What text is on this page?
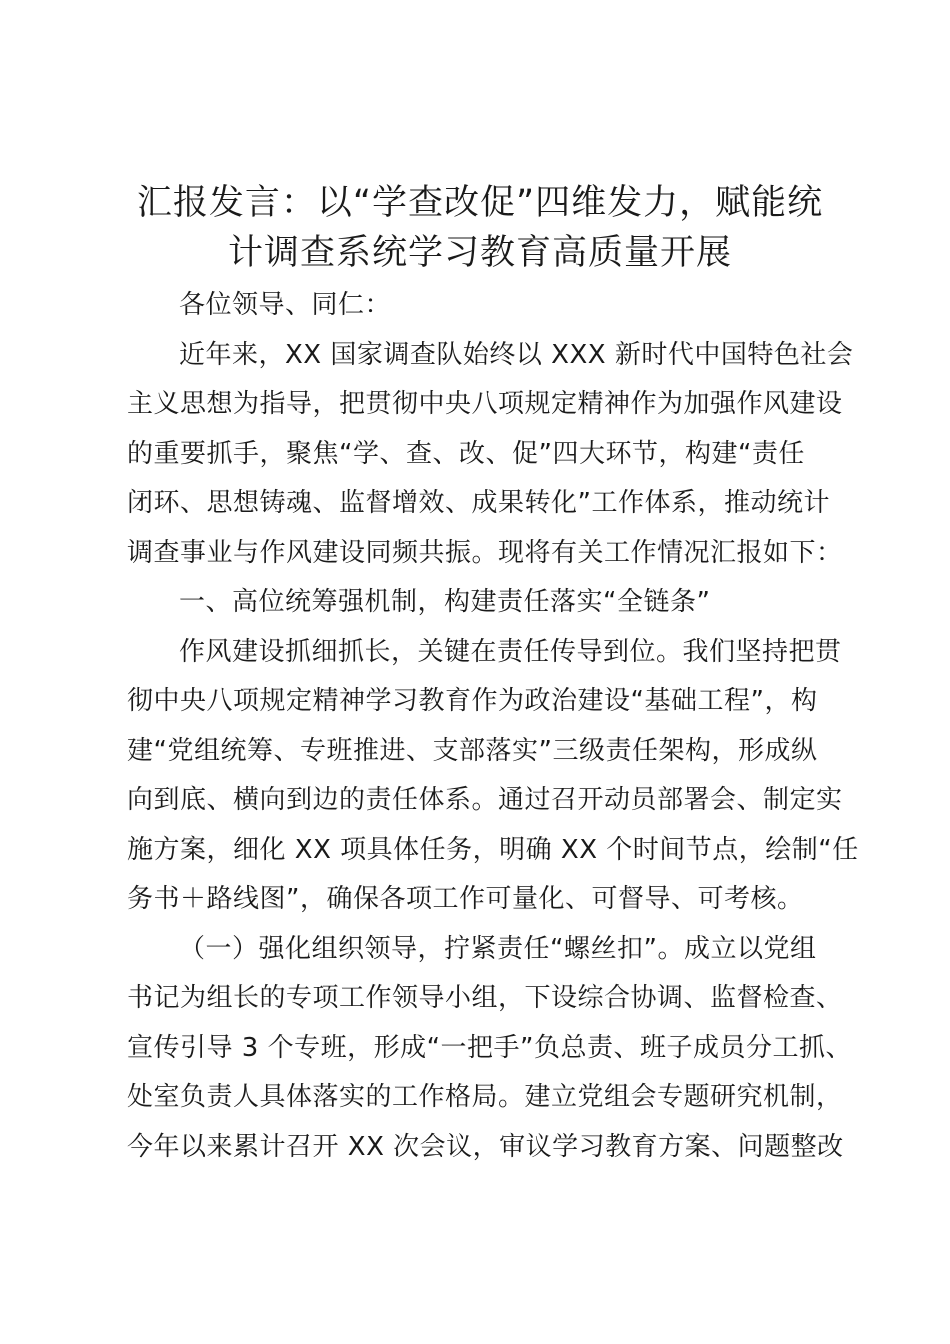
汇报发言：以“学查改促”四维发力，赋能统
计调查系统学习教育高质量开展

各位领导、同仁：

近年来，XX 国家调查队始终以 XXX 新时代中国特色社会
主义思想为指导，把贯彻中央八项规定精神作为加强作风建设
的重要抓手，聚焦“学、查、改、促”四大环节，构建“责任
闭环、思想铸魂、监督增效、成果转化”工作体系，推动统计
调查事业与作风建设同频共振。现将有关工作情况汇报如下：

一、高位统筹强机制，构建责任落实“全链条”

作风建设抓细抓长，关键在责任传导到位。我们坚持把贯
彻中央八项规定精神学习教育作为政治建设“基础工程”，构
建“党组统筹、专班推进、支部落实”三级责任架构，形成纵
向到底、横向到边的责任体系。通过召开动员部署会、制定实
施方案，细化 XX 项具体任务，明确 XX 个时间节点，绘制“任
务书＋路线图”，确保各项工作可量化、可督导、可考核。

（一）强化组织领导，拧紧责任“螺丝扣”。成立以党组
书记为组长的专项工作领导小组，下设综合协调、监督检查、
宣传引导 3 个专班，形成“一把手”负总责、班子成员分工抓、
处室负责人具体落实的工作格局。建立党组会专题研究机制，
今年以来累计召开 XX 次会议，审议学习教育方案、问题整改
